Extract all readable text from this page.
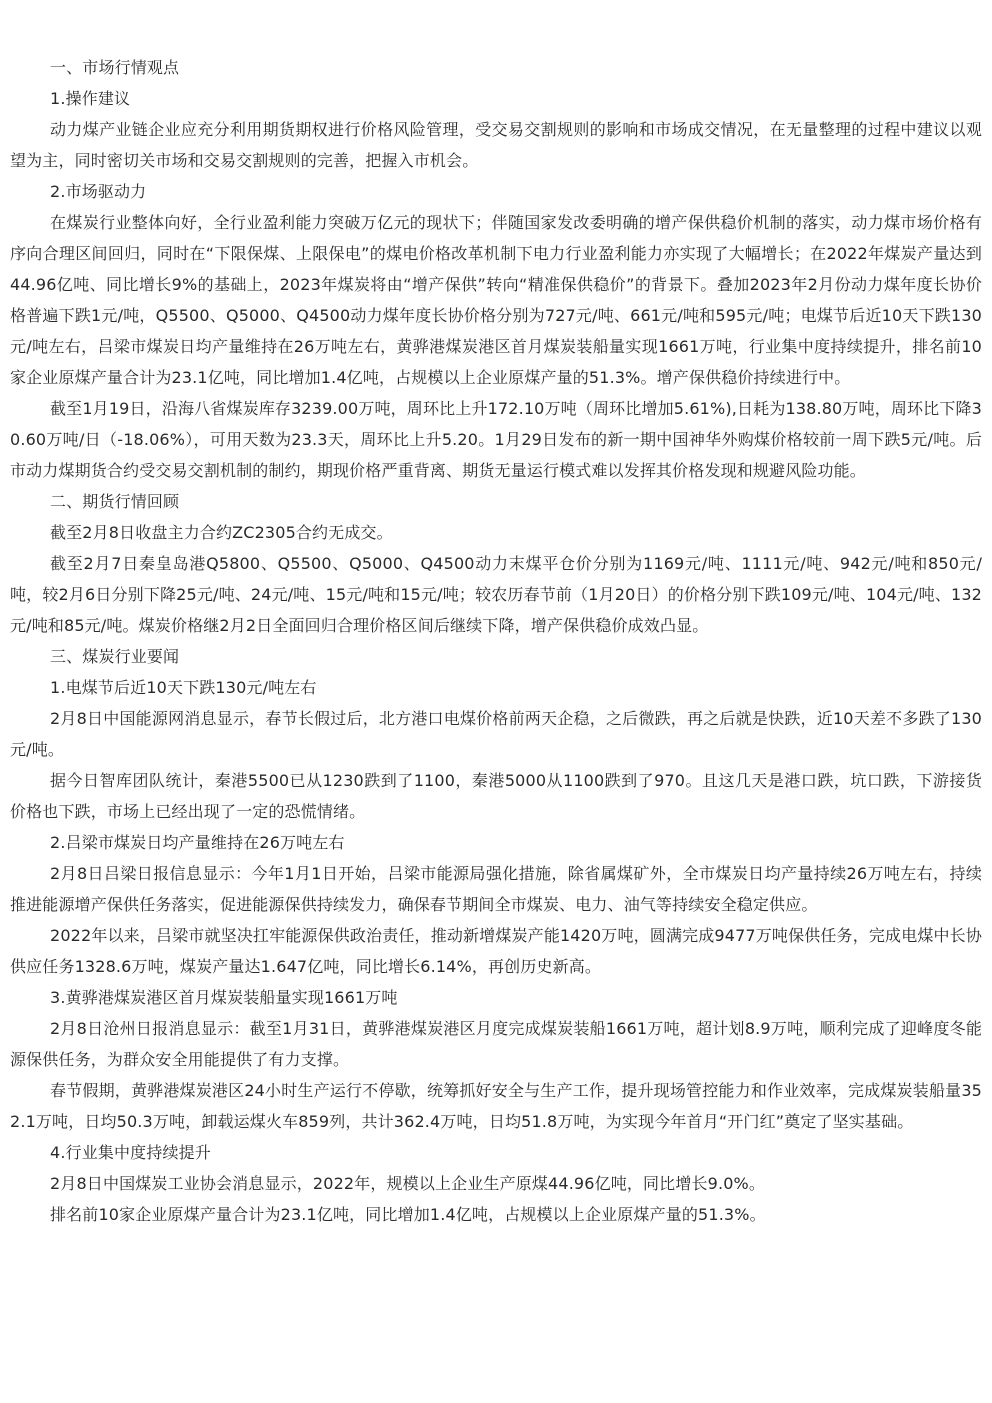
一、市场行情观点

1.操作建议

动力煤产业链企业应充分利用期货期权进行价格风险管理，受交易交割规则的影响和市场成交情况，在无量整理的过程中建议以观望为主，同时密切关市场和交易交割规则的完善，把握入市机会。

2.市场驱动力

在煤炭行业整体向好，全行业盈利能力突破万亿元的现状下；伴随国家发改委明确的增产保供稳价机制的落实，动力煤市场价格有序向合理区间回归，同时在“下限保煤、上限保电”的煤电价格改革机制下电力行业盈利能力亦实现了大幅增长；在2022年煤炭产量达到44.96亿吨、同比增长9%的基础上，2023年煤炭将由“增产保供”转向“精准保供稳价”的背景下。叠加2023年2月份动力煤年度长协价格普遍下跌1元/吨，Q5500、Q5000、Q4500动力煤年度长协价格分别为727元/吨、661元/吨和595元/吨；电煤节后近10天下跌130元/吨左右，吕梁市煤炭日均产量维持在26万吨左右，黄骅港煤炭港区首月煤炭装船量实现1661万吨，行业集中度持续提升，排名前10家企业原煤产量合计为23.1亿吨，同比增加1.4亿吨，占规模以上企业原煤产量的51.3%。增产保供稳价持续进行中。

截至1月19日，沿海八省煤炭库存3239.00万吨，周环比上升172.10万吨（周环比增加5.61%),日耗为138.80万吨，周环比下降30.60万吨/日（-18.06%），可用天数为23.3天，周环比上升5.20。1月29日发布的新一期中国神华外购煤价格较前一周下跌5元/吨。后市动力煤期货合约受交易交割机制的制约，期现价格严重背离、期货无量运行模式难以发挥其价格发现和规避风险功能。

二、期货行情回顾

截至2月8日收盘主力合约ZC2305合约无成交。

截至2月7日秦皇岛港Q5800、Q5500、Q5000、Q4500动力末煤平仓价分别为1169元/吨、1111元/吨、942元/吨和850元/吨，较2月6日分别下降25元/吨、24元/吨、15元/吨和15元/吨；较农历春节前（1月20日）的价格分别下跌109元/吨、104元/吨、132元/吨和85元/吨。煤炭价格继2月2日全面回归合理价格区间后继续下降，增产保供稳价成效凸显。

三、煤炭行业要闻

1.电煤节后近10天下跌130元/吨左右

2月8日中国能源网消息显示，春节长假过后，北方港口电煤价格前两天企稳，之后微跌，再之后就是快跌，近10天差不多跌了130元/吨。

据今日智库团队统计，秦港5500已从1230跌到了1100，秦港5000从1100跌到了970。且这几天是港口跌，坑口跌，下游接货价格也下跌，市场上已经出现了一定的恐慌情绪。

2.吕梁市煤炭日均产量维持在26万吨左右

2月8日吕梁日报信息显示：今年1月1日开始，吕梁市能源局强化措施，除省属煤矿外，全市煤炭日均产量持续26万吨左右，持续推进能源增产保供任务落实，促进能源保供持续发力，确保春节期间全市煤炭、电力、油气等持续安全稳定供应。

2022年以来，吕梁市就坚决扛牢能源保供政治责任，推动新增煤炭产能1420万吨，圆满完成9477万吨保供任务，完成电煤中长协供应任务1328.6万吨，煤炭产量达1.647亿吨，同比增长6.14%，再创历史新高。

3.黄骅港煤炭港区首月煤炭装船量实现1661万吨

2月8日沧州日报消息显示：截至1月31日，黄骅港煤炭港区月度完成煤炭装船1661万吨，超计划8.9万吨，顺利完成了迎峰度冬能源保供任务，为群众安全用能提供了有力支撑。

春节假期，黄骅港煤炭港区24小时生产运行不停歇，统筹抓好安全与生产工作，提升现场管控能力和作业效率，完成煤炭装船量352.1万吨，日均50.3万吨，卸载运煤火车859列，共计362.4万吨，日均51.8万吨，为实现今年首月“开门红”奠定了坚实基础。

4.行业集中度持续提升

2月8日中国煤炭工业协会消息显示，2022年，规模以上企业生产原煤44.96亿吨，同比增长9.0%。

排名前10家企业原煤产量合计为23.1亿吨，同比增加1.4亿吨，占规模以上企业原煤产量的51.3%。
